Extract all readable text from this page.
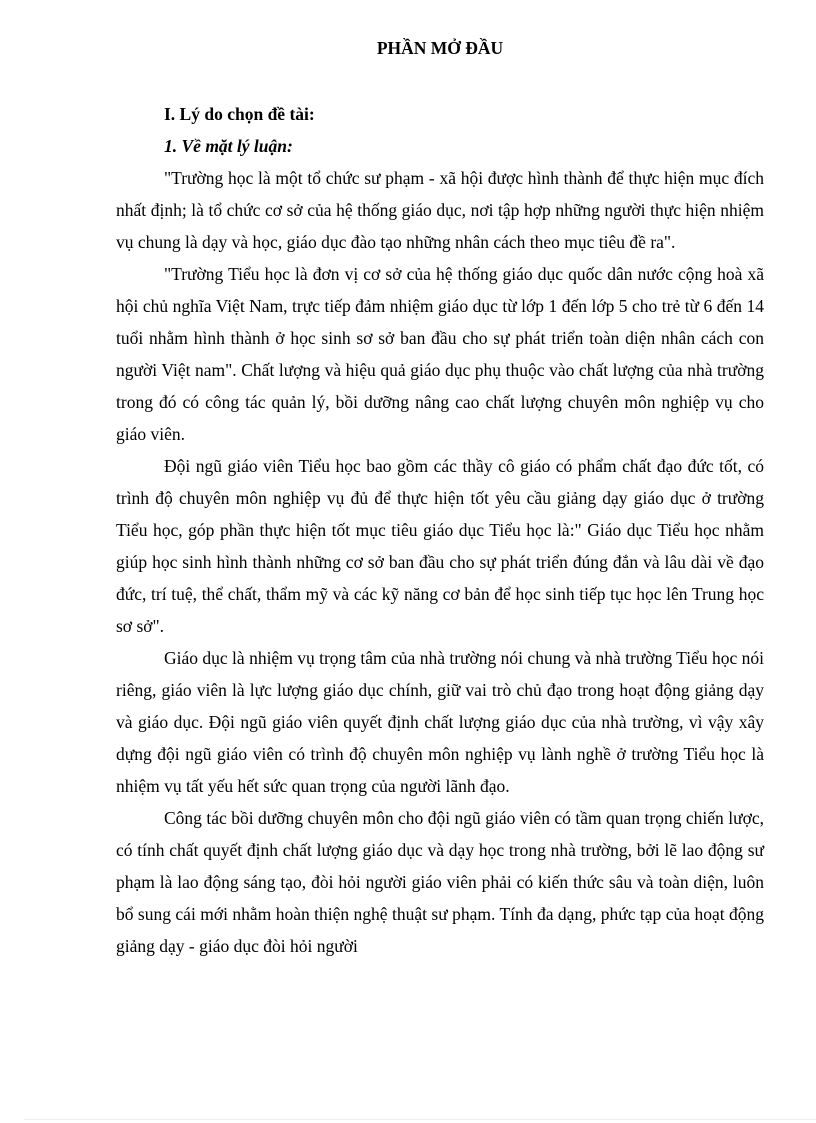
PHẦN MỞ ĐẦU

I. Lý do chọn đề tài:

1. Về mặt lý luận:

"Trường học là một tổ chức sư phạm - xã hội được hình thành để thực hiện mục đích nhất định; là tổ chức cơ sở của hệ thống giáo dục, nơi tập hợp những người thực hiện nhiệm vụ chung là dạy và học, giáo dục đào tạo những nhân cách theo mục tiêu đề ra".

"Trường Tiểu học là đơn vị cơ sở của hệ thống giáo dục quốc dân nước cộng hoà xã hội chủ nghĩa Việt Nam, trực tiếp đảm nhiệm giáo dục từ lớp 1 đến lớp 5 cho trẻ từ 6 đến 14 tuổi nhằm hình thành ở học sinh sơ sở ban đầu cho sự phát triển toàn diện nhân cách con người Việt nam". Chất lượng và hiệu quả giáo dục phụ thuộc vào chất lượng của nhà trường trong đó có công tác quản lý, bồi dưỡng nâng cao chất lượng chuyên môn nghiệp vụ cho giáo viên.

Đội ngũ giáo viên Tiểu học bao gồm các thầy cô giáo có phẩm chất đạo đức tốt, có trình độ chuyên môn nghiệp vụ đủ để thực hiện tốt yêu cầu giảng dạy giáo dục ở trường Tiểu học, góp phần thực hiện tốt mục tiêu giáo dục Tiểu học là:" Giáo dục Tiểu học nhằm giúp học sinh hình thành những cơ sở ban đầu cho sự phát triển đúng đắn và lâu dài về đạo đức, trí tuệ, thể chất, thẩm mỹ và các kỹ năng cơ bản để học sinh tiếp tục học lên Trung học sơ sở".

Giáo dục là nhiệm vụ trọng tâm của nhà trường nói chung và nhà trường Tiểu học nói riêng, giáo viên là lực lượng giáo dục chính, giữ vai trò chủ đạo trong hoạt động giảng dạy và giáo dục. Đội ngũ giáo viên quyết định chất lượng giáo dục của nhà trường, vì vậy xây dựng đội ngũ giáo viên có trình độ chuyên môn nghiệp vụ lành nghề ở trường Tiểu học là nhiệm vụ tất yếu hết sức quan trọng của người lãnh đạo.

Công tác bồi dưỡng chuyên môn cho đội ngũ giáo viên có tầm quan trọng chiến lược, có tính chất quyết định chất lượng giáo dục và dạy học trong nhà trường, bởi lẽ lao động sư phạm là lao động sáng tạo, đòi hỏi người giáo viên phải có kiến thức sâu và toàn diện, luôn bổ sung cái mới nhằm hoàn thiện nghệ thuật sư phạm. Tính đa dạng, phức tạp của hoạt động giảng dạy - giáo dục đòi hỏi người
